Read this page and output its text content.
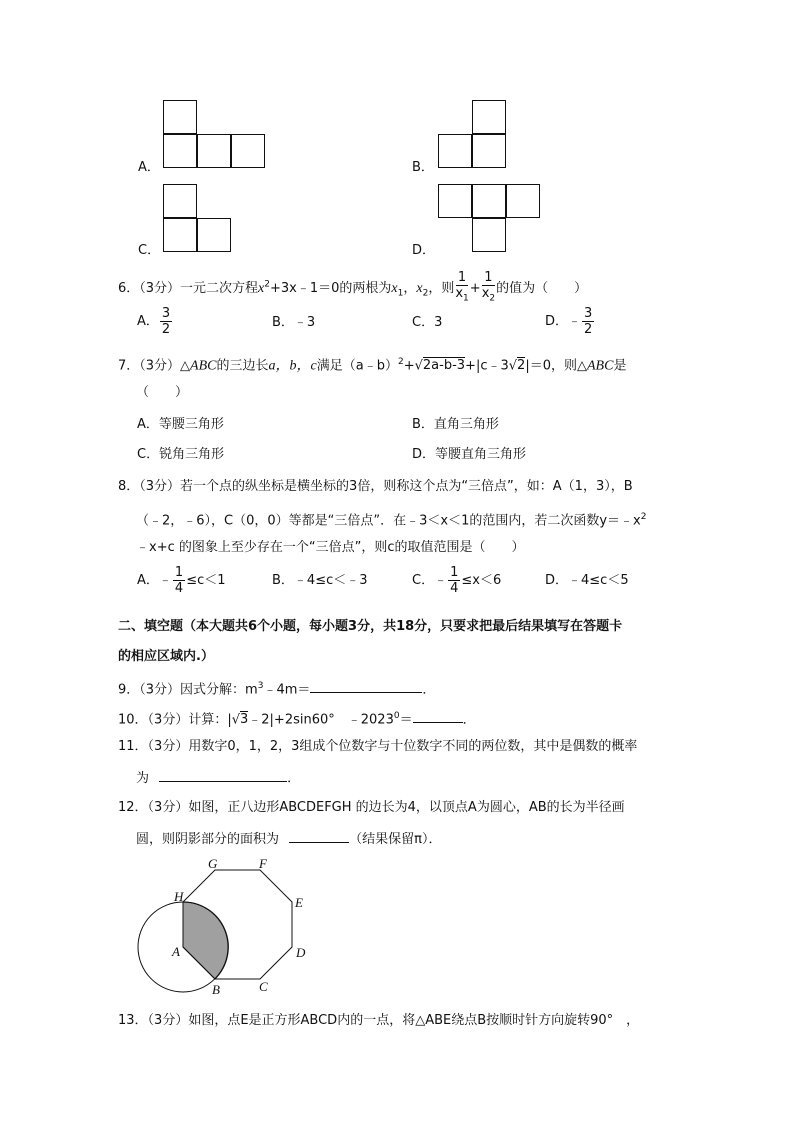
A．	B．
C．	D．
6．（3分）一元二次方程$x^2+3x﹣1=0$的两根为$x_1$，$x_2$，则 $\frac{1}{x_1} + \frac{1}{x_2}$ 的值为（　　）
A． $\frac{3}{2}$	B．﹣3	C．3	D．﹣ $\frac{3}{2}$
7．（3分）△ABC的三边长a，b，c满足（a﹣b）$^2$+√2a-b-3+|c﹣3√2|＝0，则△ABC是
（　　）
A．等腰三角形	B．直角三角形
C．锐角三角形	D．等腰直角三角形
8．（3分）若一个点的纵坐标是横坐标的3倍，则称这个点为“三倍点”，如：A（1，3），B
（﹣2，﹣6），C（0，0）等都是“三倍点”．在﹣3＜x＜1的范围内，若二次函数$y=﹣x^2$
﹣x+c 的图象上至少存在一个“三倍点”，则c的取值范围是（　　）
A．﹣ $\frac{1}{4} \le c<1$	B．﹣4≤c＜﹣3	C．﹣ $\frac{1}{4} \le x<6$	D．﹣4≤c＜5
二、填空题（本大题共6个小题，每小题3分，共18分，只要求把最后结果填写在答题卡
的相应区域内.）
9．（3分）因式分解：$m^3﹣4m=$	．
10．（3分）计算：|√3﹣2|+2sin60°　$﹣2023^0=$	．
11．（3分）用数字0，1，2，3组成个位数字与十位数字不同的两位数，其中是偶数的概率
为	．
12．（3分）如图，正八边形ABCDEFGH 的边长为4，以顶点A为圆心，AB的长为半径画
圆，则阴影部分的面积为	（结果保留π）．
A
B	C
D
E
F
G
H
13．（3分）如图，点E是正方形ABCD内的一点，将△ABE绕点B按顺时针方向旋转90°　，
